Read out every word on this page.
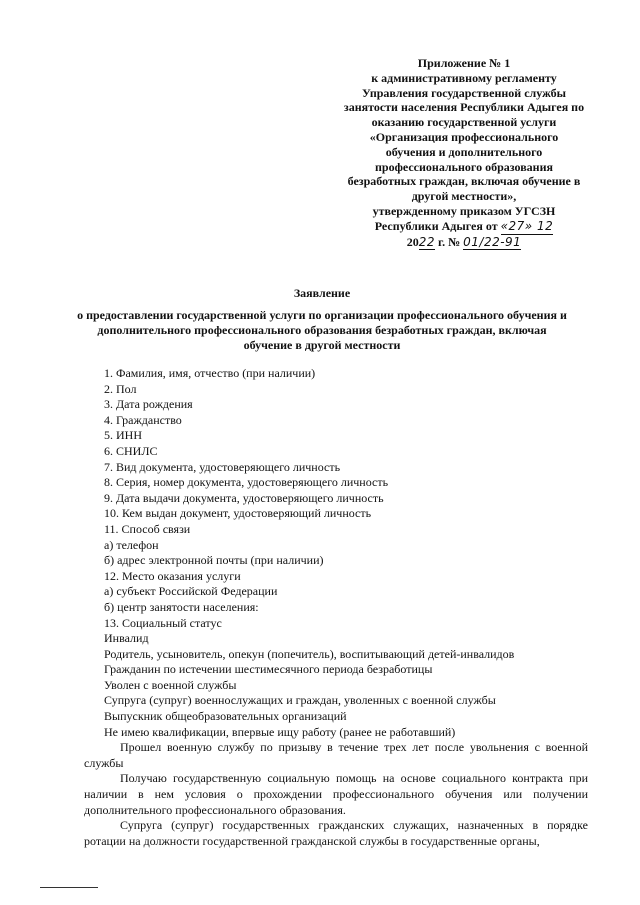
Приложение № 1
к административному регламенту
Управления государственной службы
занятости населения Республики Адыгея по
оказанию государственной услуги
«Организация профессионального
обучения и дополнительного
профессионального образования
безработных граждан, включая обучение в
другой местности»,
утвержденному приказом УГСЗН
Республики Адыгея от «27» 12
2022 г. № 01/22-91
Заявление
о предоставлении государственной услуги по организации профессионального обучения и
дополнительного профессионального образования безработных граждан, включая
обучение в другой местности
1. Фамилия, имя, отчество (при наличии)
2. Пол
3. Дата рождения
4. Гражданство
5. ИНН
6. СНИЛС
7. Вид документа, удостоверяющего личность
8. Серия, номер документа, удостоверяющего личность
9. Дата выдачи документа, удостоверяющего личность
10. Кем выдан документ, удостоверяющий личность
11. Способ связи
а) телефон
б) адрес электронной почты (при наличии)
12. Место оказания услуги
а) субъект Российской Федерации
б) центр занятости населения:
13. Социальный статус
Инвалид
Родитель, усыновитель, опекун (попечитель), воспитывающий детей-инвалидов
Гражданин по истечении шестимесячного периода безработицы
Уволен с военной службы
Супруга (супруг) военнослужащих и граждан, уволенных с военной службы
Выпускник общеобразовательных организаций
Не имею квалификации, впервые ищу работу (ранее не работавший)
Прошел военную службу по призыву в течение трех лет после увольнения с военной службы
Получаю государственную социальную помощь на основе социального контракта при наличии в нем условия о прохождении профессионального обучения или получении дополнительного профессионального образования.
Супруга (супруг) государственных гражданских служащих, назначенных в порядке ротации на должности государственной гражданской службы в государственные органы,
